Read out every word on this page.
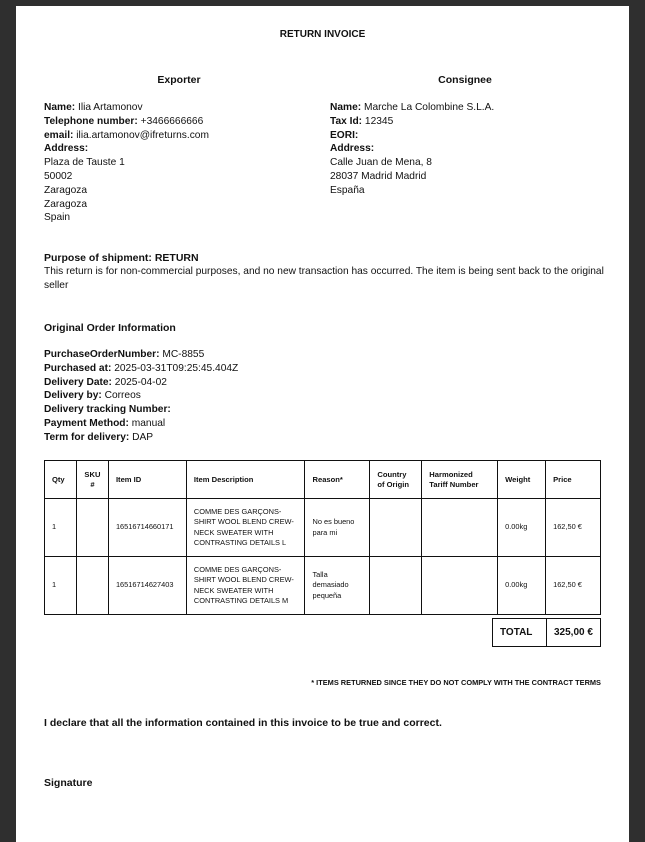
RETURN INVOICE
Exporter	Consignee
Name: Ilia Artamonov
Telephone number: +3466666666
email: ilia.artamonov@ifreturns.com
Address:
Plaza de Tauste 1
50002
Zaragoza
Zaragoza
Spain
Name: Marche La Colombine S.L.A.
Tax Id: 12345
EORI:
Address:
Calle Juan de Mena, 8
28037 Madrid Madrid
España
Purpose of shipment: RETURN
This return is for non-commercial purposes, and no new transaction has occurred. The item is being sent back to the original seller
Original Order Information
PurchaseOrderNumber: MC-8855
Purchased at: 2025-03-31T09:25:45.404Z
Delivery Date: 2025-04-02
Delivery by: Correos
Delivery tracking Number:
Payment Method: manual
Term for delivery: DAP
Qty	SKU #	Item ID	Item Description	Reason*	Country of Origin	Harmonized Tariff Number	Weight	Price
1		16516714660171	COMME DES GARÇONS-SHIRT WOOL BLEND CREW-NECK SWEATER WITH CONTRASTING DETAILS L	No es bueno para mi			0.00kg	162,50 €
1		16516714627403	COMME DES GARÇONS-SHIRT WOOL BLEND CREW-NECK SWEATER WITH CONTRASTING DETAILS M	Talla demasiado pequeña			0.00kg	162,50 €
TOTAL	325,00 €
* ITEMS RETURNED SINCE THEY DO NOT COMPLY WITH THE CONTRACT TERMS
I declare that all the information contained in this invoice to be true and correct.
Signature
